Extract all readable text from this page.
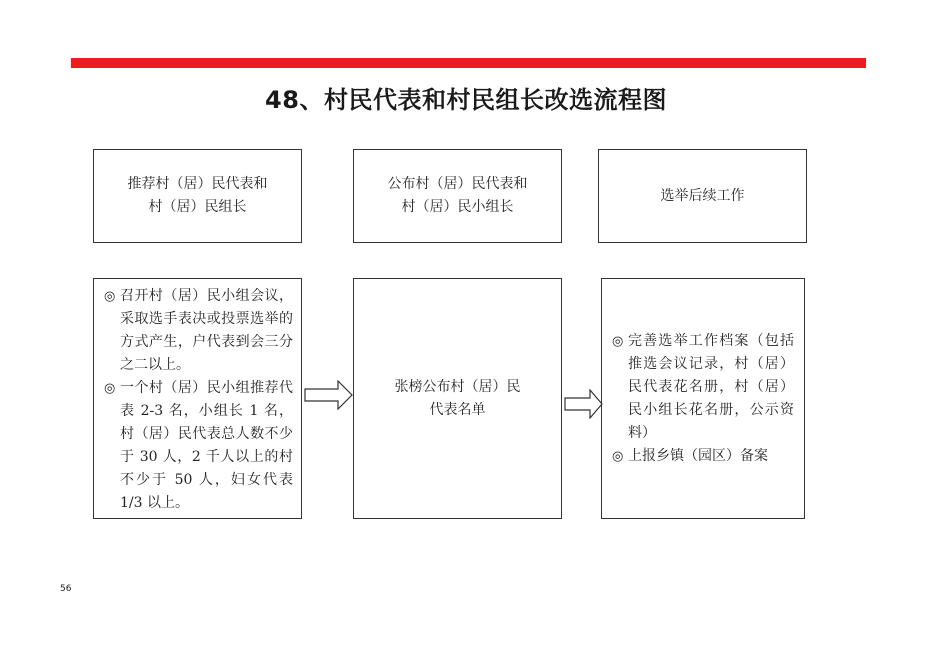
48、村民代表和村民组长改选流程图
推荐村（居）民代表和
村（居）民组长
公布村（居）民代表和
村（居）民小组长
选举后续工作
◎ 召开村（居）民小组会议，采取选手表决或投票选举的方式产生，户代表到会三分之二以上。
◎ 一个村（居）民小组推荐代表 2-3 名，小组长 1 名，村（居）民代表总人数不少于 30 人，2 千人以上的村不少于 50 人，妇女代表 1/3 以上。
张榜公布村（居）民
代表名单
◎ 完善选举工作档案（包括推选会议记录，村（居）民代表花名册，村（居）民小组长花名册，公示资料）
◎ 上报乡镇（园区）备案
56
